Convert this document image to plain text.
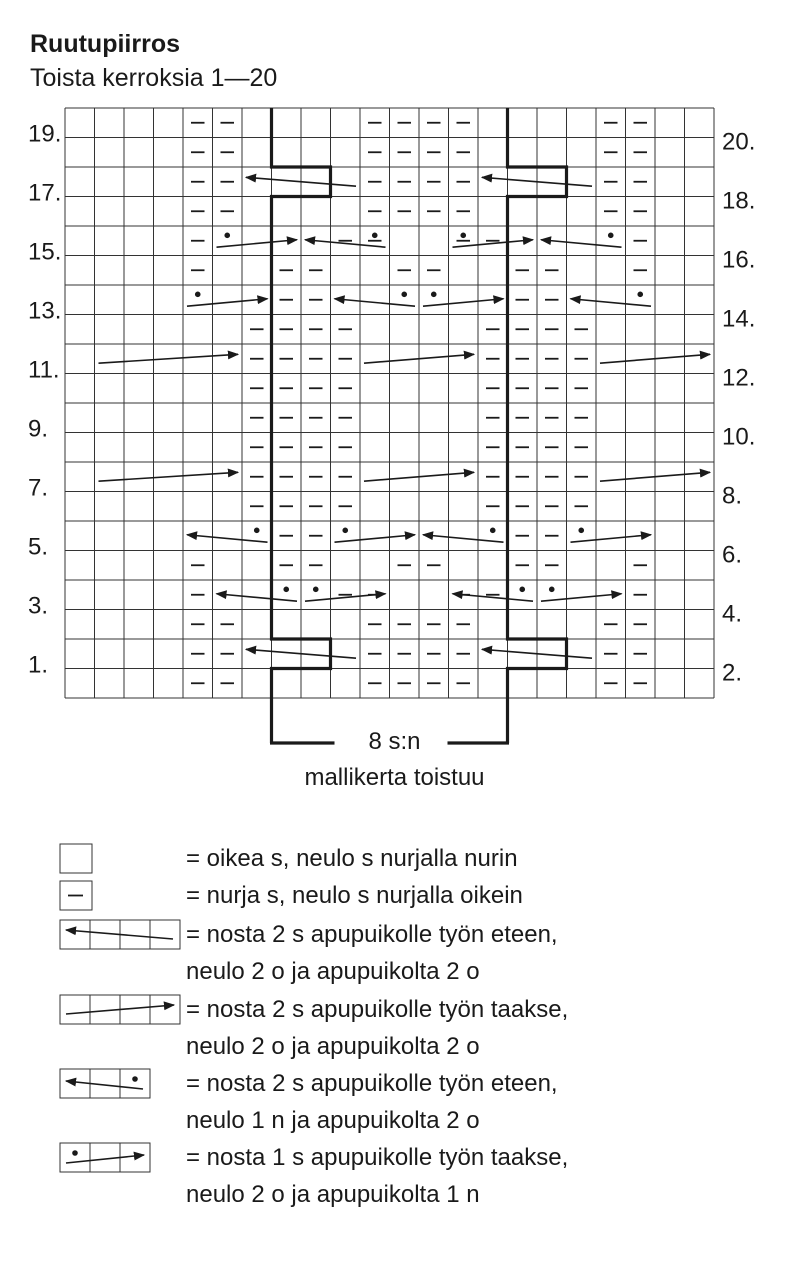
Ruutupiirros
Toista kerroksia 1—20
1.
3.
5.
7.
9.
11.
13.
15.
17.
19.
2.
4.
6.
8.
10.
12.
14.
16.
18.
20.
8 s:n
mallikerta toistuu
= oikea s, neulo s nurjalla nurin
= nurja s, neulo s nurjalla oikein
= nosta 2 s apupuikolle työn eteen,
neulo 2 o ja apupuikolta 2 o
= nosta 2 s apupuikolle työn taakse,
neulo 2 o ja apupuikolta 2 o
= nosta 2 s apupuikolle työn eteen,
neulo 1 n ja apupuikolta 2 o
= nosta 1 s apupuikolle työn taakse,
neulo 2 o ja apupuikolta 1 n
